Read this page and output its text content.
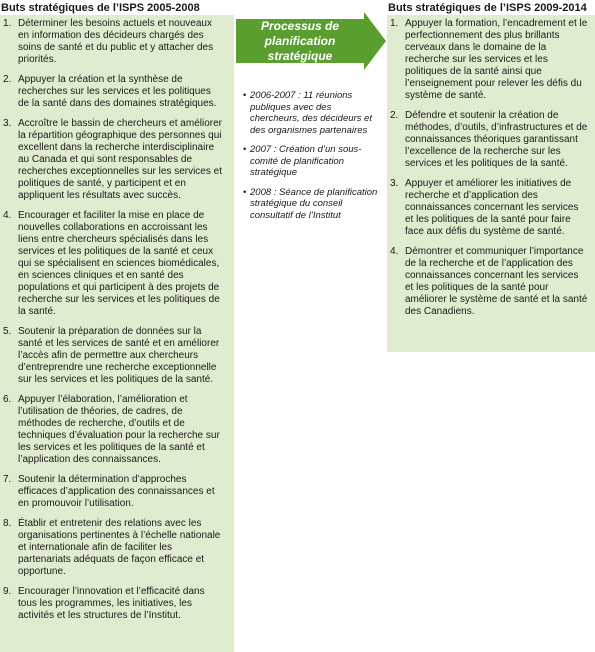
Buts stratégiques de l’ISPS 2005-2008
1. Déterminer les besoins actuels et nouveaux en information des décideurs chargés des soins de santé et du public et y attacher des priorités.
2. Appuyer la création et la synthèse de recherches sur les services et les politiques de la santé dans des domaines stratégiques.
3. Accroître le bassin de chercheurs et améliorer la répartition géographique des personnes qui excellent dans la recherche interdisciplinaire au Canada et qui sont responsables de recherches exceptionnelles sur les services et politiques de santé, y participent et en appliquent les résultats avec succès.
4. Encourager et faciliter la mise en place de nouvelles collaborations en accroissant les liens entre chercheurs spécialisés dans les services et les politiques de la santé et ceux qui se spécialisent en sciences biomédicales, en sciences cliniques et en santé des populations et qui participent à des projets de recherche sur les services et les politiques de la santé.
5. Soutenir la préparation de données sur la santé et les services de santé et en améliorer l’accès afin de permettre aux chercheurs d’entreprendre une recherche exceptionnelle sur les services et les politiques de la santé.
6. Appuyer l’élaboration, l’amélioration et l’utilisation de théories, de cadres, de méthodes de recherche, d’outils et de techniques d’évaluation pour la recherche sur les services et les politiques de la santé et l’application des connaissances.
7. Soutenir la détermination d’approches efficaces d’application des connaissances et en promouvoir l’utilisation.
8. Établir et entretenir des relations avec les organisations pertinentes à l’échelle nationale et internationale afin de faciliter les partenariats adéquats de façon efficace et opportune.
9. Encourager l’innovation et l’efficacité dans tous les programmes, les initiatives, les activités et les structures de l’Institut.
Processus de
planification stratégique
• 2006-2007 : 11 réunions publiques avec des chercheurs, des décideurs et des organismes partenaires
• 2007 : Création d’un sous-comité de planification stratégique
• 2008 : Séance de planification stratégique du conseil consultatif de l’Institut
Buts stratégiques de l’ISPS 2009-2014
1. Appuyer la formation, l’encadrement et le perfectionnement des plus brillants cerveaux dans le domaine de la recherche sur les services et les politiques de la santé ainsi que l’enseignement pour relever les défis du système de santé.
2. Défendre et soutenir la création de méthodes, d’outils, d’infrastructures et de connaissances théoriques garantissant l’excellence de la recherche sur les services et les politiques de la santé.
3. Appuyer et améliorer les initiatives de recherche et d’application des connaissances concernant les services et les politiques de la santé pour faire face aux défis du système de santé.
4. Démontrer et communiquer l’importance de la recherche et de l’application des connaissances concernant les services et les politiques de la santé pour améliorer le système de santé et la santé des Canadiens.
